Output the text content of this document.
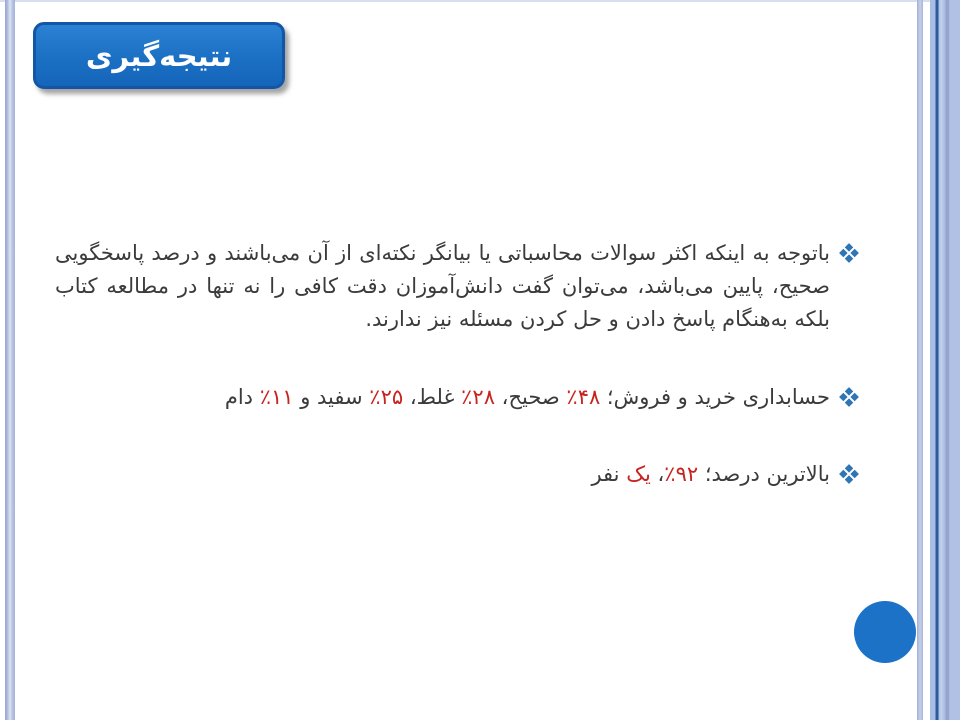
نتیجه‌گیری
باتوجه به اینکه اکثر سوالات محاسباتی یا بیانگر نکته‌ای از آن می‌باشند و درصد پاسخگویی صحیح، پایین می‌باشد، می‌توان گفت دانش‌آموزان دقت کافی را نه تنها در مطالعه کتاب بلکه به‌هنگام پاسخ دادن و حل کردن مسئله نیز ندارند.
حسابداری خرید و فروش؛ ۴۸٪ صحیح، ۲۸٪ غلط، ۲۵٪ سفید و ۱۱٪ دام
بالاترین درصد؛ ۹۲٪، یک نفر
